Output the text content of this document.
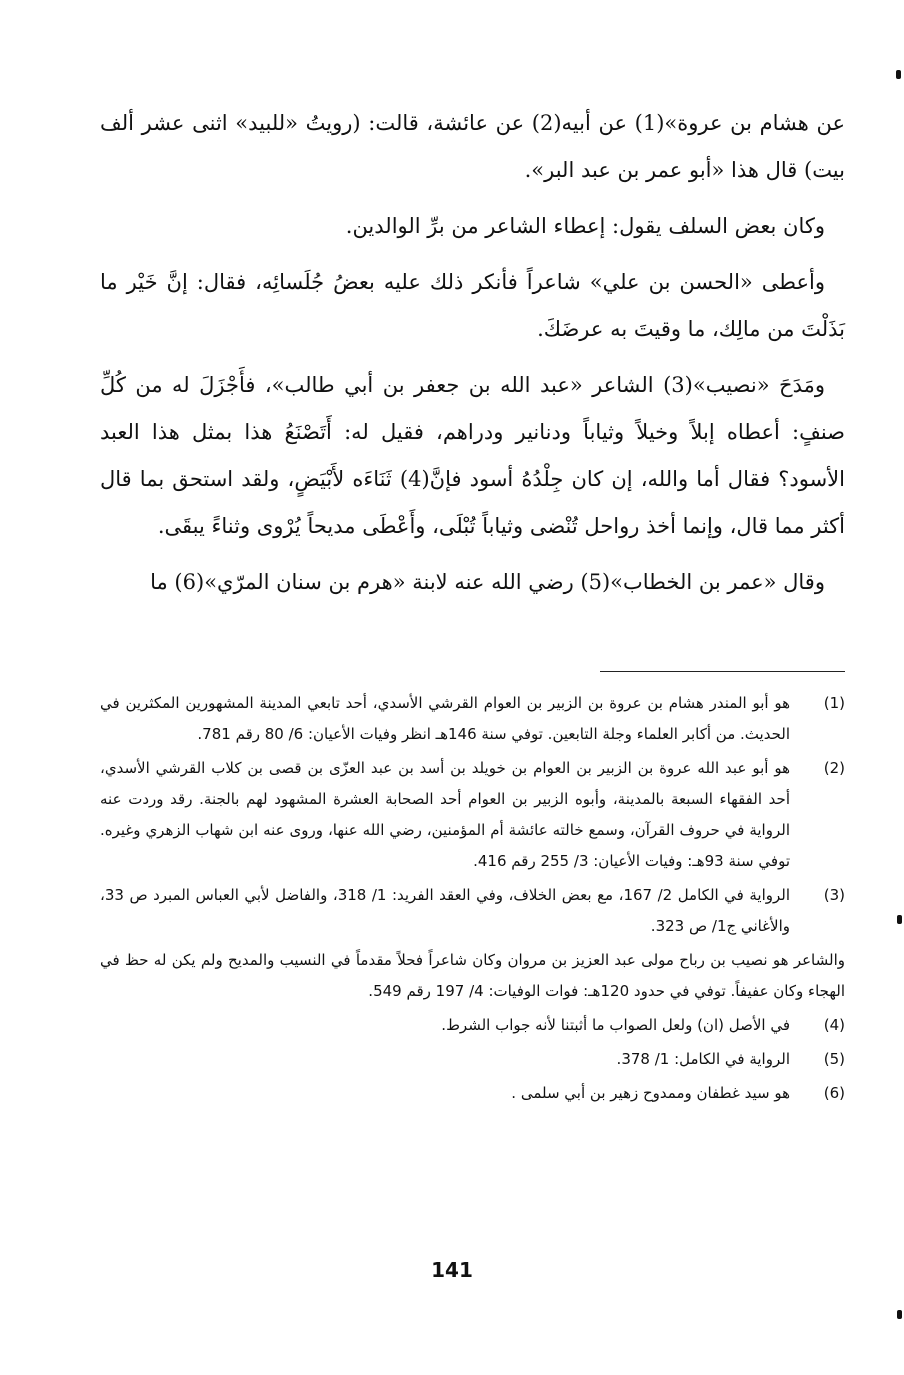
عن هشام بن عروة»(1) عن أبيه(2) عن عائشة، قالت: (رويتُ «للبيد» اثنى عشر ألف بيت) قال هذا «أبو عمر بن عبد البر».

وكان بعض السلف يقول: إعطاء الشاعر من برِّ الوالدين.

وأعطى «الحسن بن علي» شاعراً فأنكر ذلك عليه بعضُ جُلَسائِه، فقال: إنَّ خَيْر ما بَذَلْتَ من مالِك، ما وقيتَ به عرضَكَ.

ومَدَحَ «نصيب»(3) الشاعر «عبد الله بن جعفر بن أبي طالب»، فأَجْزَلَ له من كُلِّ صنفٍ: أعطاه إبلاً وخيلاً وثياباً ودنانير ودراهم، فقيل له: أَتَصْنَعُ هذا بمثل هذا العبد الأسود؟ فقال أما والله، إن كان جِلْدُهُ أسود فإنَّ(4) ثَنَاءَه لأَبْيَضٍ، ولقد استحق بما قال أكثر مما قال، وإنما أخذ رواحل تُنْضى وثياباً تُبْلَى، وأَعْطَى مديحاً يُرْوى وثناءً يبقَى.

وقال «عمر بن الخطاب»(5) رضي الله عنه لابنة «هرم بن سنان المرّي»(6) ما

(1)
هو أبو المندر هشام بن عروة بن الزبير بن العوام القرشي الأسدي، أحد تابعي المدينة المشهورين المكثرين في الحديث. من أكابر العلماء وجلة التابعين. توفي سنة 146هـ انظر وفيات الأعيان: 6/ 80 رقم 781.
(2)
هو أبو عبد الله عروة بن الزبير بن العوام بن خويلد بن أسد بن عبد العزّى بن قصى بن كلاب القرشي الأسدي، أحد الفقهاء السبعة بالمدينة، وأبوه الزبير بن العوام أحد الصحابة العشرة المشهود لهم بالجنة. رقد وردت عنه الرواية في حروف القرآن، وسمع خالته عائشة أم المؤمنين، رضي الله عنها، وروى عنه ابن شهاب الزهري وغيره. توفي سنة 93هـ: وفيات الأعيان: 3/ 255 رقم 416.
(3)
الرواية في الكامل 2/ 167، مع بعض الخلاف، وفي العقد الفريد: 1/ 318، والفاضل لأبي العباس المبرد ص 33، والأغاني ج1/ ص 323.
والشاعر هو نصيب بن رباح مولى عبد العزيز بن مروان وكان شاعراً فحلاً مقدماً في النسيب والمديح ولم يكن له حظ في الهجاء وكان عفيفاً. توفي في حدود 120هـ: فوات الوفيات: 4/ 197 رقم 549.
(4)
في الأصل (ان) ولعل الصواب ما أثبتنا لأنه جواب الشرط.
(5)
الرواية في الكامل: 1/ 378.
(6)
هو سيد غطفان وممدوح زهير بن أبي سلمى .
141
